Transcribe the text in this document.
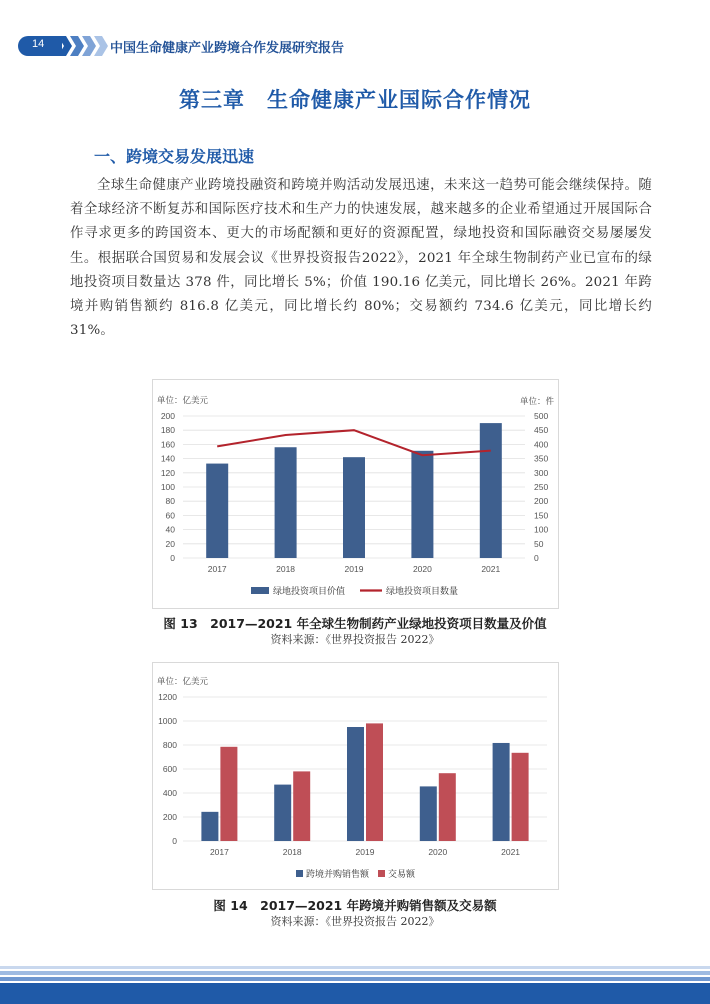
14	中国生命健康产业跨境合作发展研究报告
第三章　生命健康产业国际合作情况
一、跨境交易发展迅速

全球生命健康产业跨境投融资和跨境并购活动发展迅速，未来这一趋势可能会继续保持。随着全球经济不断复苏和国际医疗技术和生产力的快速发展，越来越多的企业希望通过开展国际合作寻求更多的跨国资本、更大的市场配额和更好的资源配置，绿地投资和国际融资交易屡屡发生。根据联合国贸易和发展会议《世界投资报告2022》，2021 年全球生物制药产业已宣布的绿地投资项目数量达 378 件，同比增长 5%；价值 190.16 亿美元，同比增长 26%。2021 年跨境并购销售额约 816.8 亿美元，同比增长约 80%；交易额约 734.6 亿美元，同比增长约 31%。

单位：亿美元	单位：件
200	500
180	450
160	400
140	350
120	300
100	250
80	200
60	150
40	100
20	50
0	0
2017	2018	2019	2020	2021
绿地投资项目价值	绿地投资项目数量
图 13　2017—2021 年全球生物制药产业绿地投资项目数量及价值
资料来源：《世界投资报告 2022》
单位：亿美元
1200
1000
800
600
400
200
0
2017	2018	2019	2020	2021
跨境并购销售额 交易额
图 14　2017—2021 年跨境并购销售额及交易额
资料来源：《世界投资报告 2022》
